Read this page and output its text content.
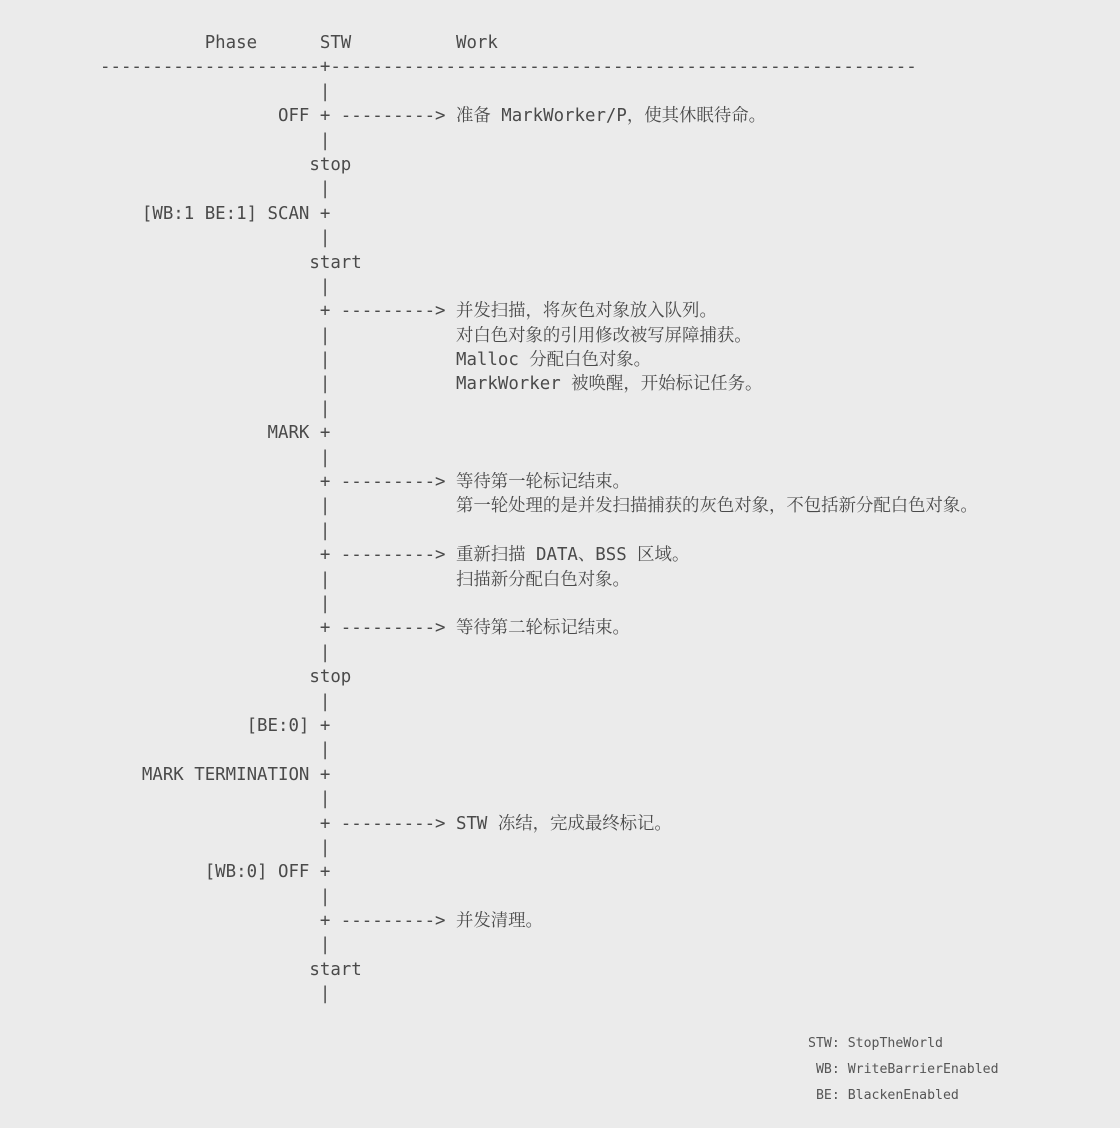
Phase      STW          Work
---------------------+--------------------------------------------------------
|
OFF + ---------> 准备 MarkWorker/P，使其休眠待命。
|
stop
|
[WB:1 BE:1] SCAN +
|
start
|
+ ---------> 并发扫描，将灰色对象放入队列。
|            对白色对象的引用修改被写屏障捕获。
|            Malloc 分配白色对象。
|            MarkWorker 被唤醒，开始标记任务。
|
MARK +
|
+ ---------> 等待第一轮标记结束。
|            第一轮处理的是并发扫描捕获的灰色对象，不包括新分配白色对象。
|
+ ---------> 重新扫描 DATA、BSS 区域。
|            扫描新分配白色对象。
|
+ ---------> 等待第二轮标记结束。
|
stop
|
[BE:0] +
|
MARK TERMINATION +
|
+ ---------> STW 冻结，完成最终标记。
|
[WB:0] OFF +
|
+ ---------> 并发清理。
|
start
|
STW: StopTheWorld
WB: WriteBarrierEnabled
BE: BlackenEnabled
